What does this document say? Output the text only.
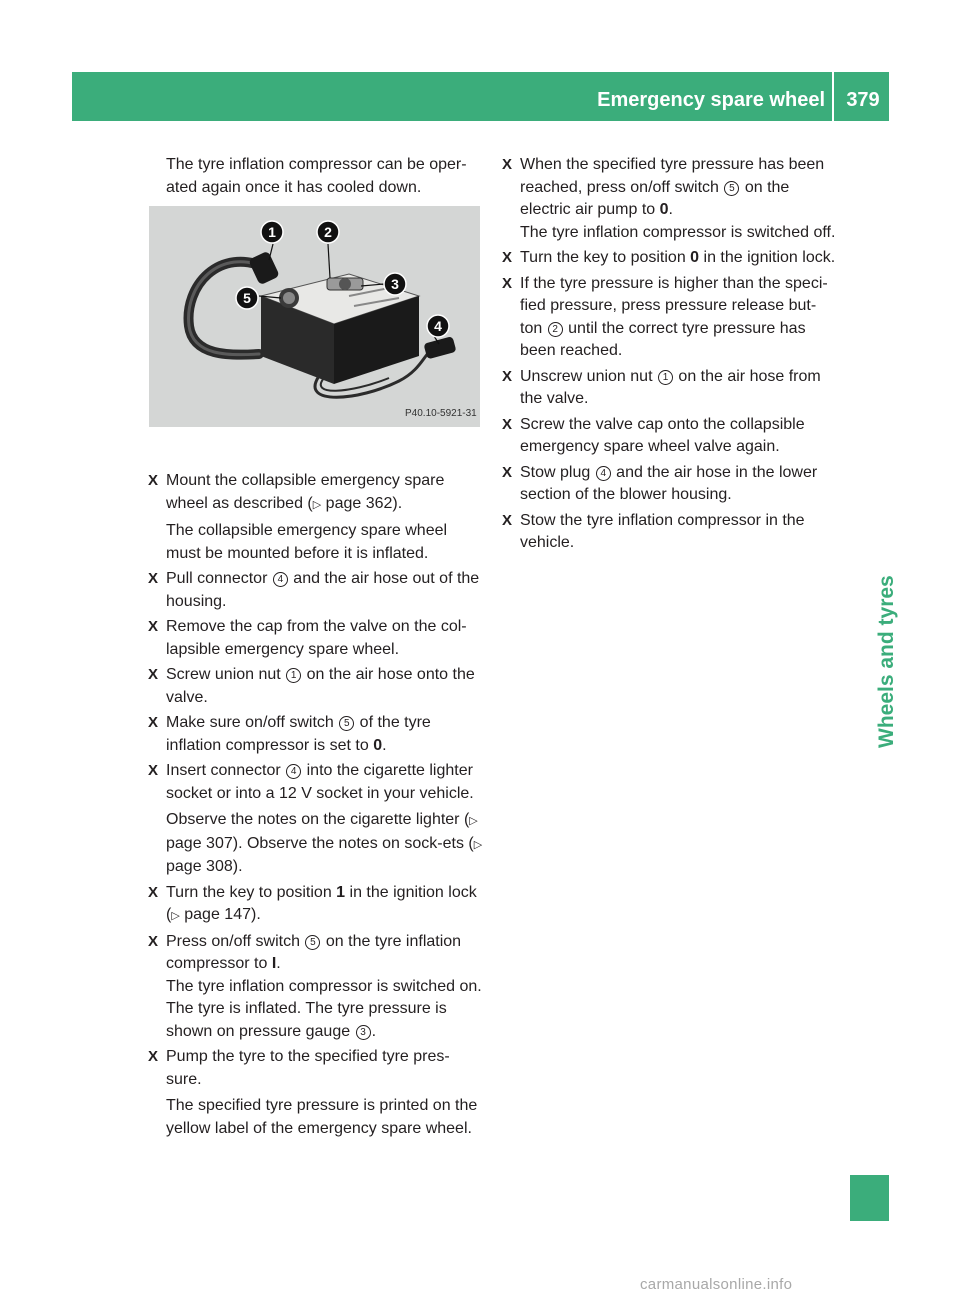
Emergency spare wheel	379
Wheels and tyres

The tyre inflation compressor can be oper-ated again once it has cooled down.

X Mount the collapsible emergency spare wheel as described (▷ page 362).

The collapsible emergency spare wheel must be mounted before it is inflated.

X Pull connector 4 and the air hose out of the housing.
X Remove the cap from the valve on the col-lapsible emergency spare wheel.
X Screw union nut 1 on the air hose onto the valve.
X Make sure on/off switch 5 of the tyre inflation compressor is set to 0.
X Insert connector 4 into the cigarette lighter socket or into a 12 V socket in your vehicle.

Observe the notes on the cigarette lighter (▷ page 307). Observe the notes on sock-ets (▷ page 308).

X Turn the key to position 1 in the ignition lock (▷ page 147).
X Press on/off switch 5 on the tyre inflation compressor to I.

The tyre inflation compressor is switched on. The tyre is inflated. The tyre pressure is shown on pressure gauge 3 .

X Pump the tyre to the specified tyre pres-sure.

The specified tyre pressure is printed on the yellow label of the emergency spare wheel.

1	2
3
4
5
P40.10-5921-31
X When the specified tyre pressure has been reached, press on/off switch 5 on the electric air pump to 0.

The tyre inflation compressor is switched off.

X Turn the key to position 0 in the ignition lock.
X If the tyre pressure is higher than the speci-fied pressure, press pressure release but-ton 2 until the correct tyre pressure has been reached.
X Unscrew union nut 1 on the air hose from the valve.
X Screw the valve cap onto the collapsible emergency spare wheel valve again.
X Stow plug 4 and the air hose in the lower section of the blower housing.
X Stow the tyre inflation compressor in the vehicle.
carmanualsonline.info
